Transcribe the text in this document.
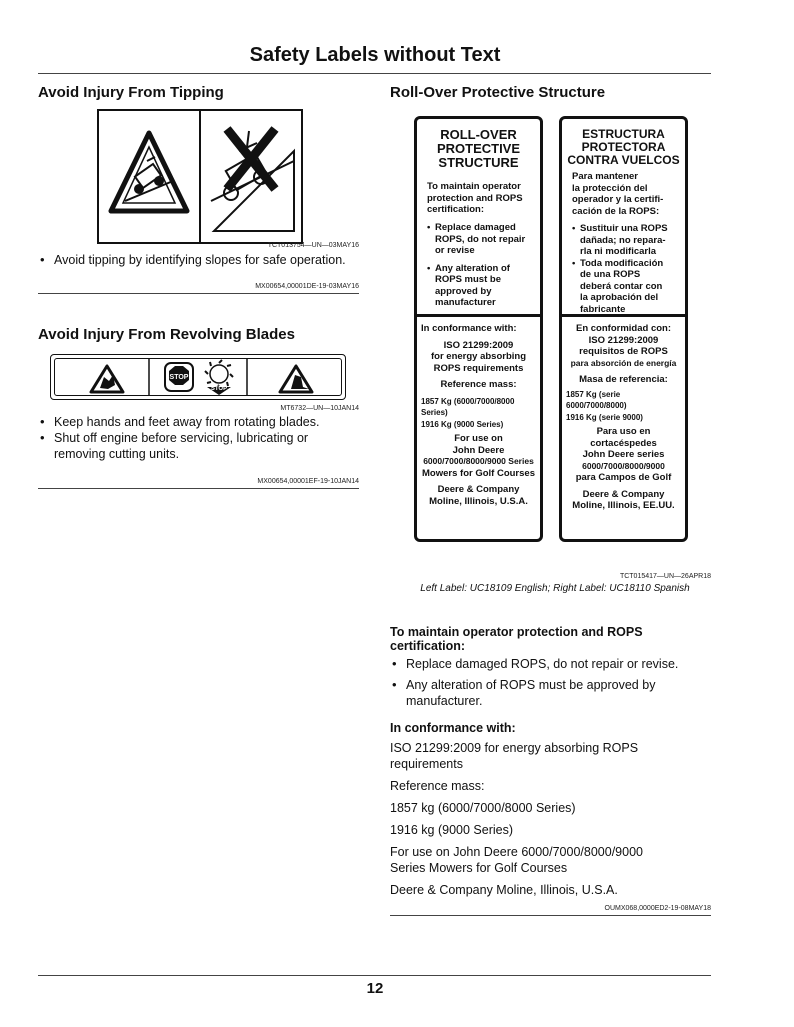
Safety Labels without Text
Avoid Injury From Tipping
TCT013754—UN—03MAY16
• Avoid tipping by identifying slopes for safe operation.
MX00654,00001DE-19-03MAY16
Avoid Injury From Revolving Blades
STOP
STOP
MT6732—UN—10JAN14
• Keep hands and feet away from rotating blades.
• Shut off engine before servicing, lubricating or removing cutting units.
MX00654,00001EF-19-10JAN14
Roll-Over Protective Structure
ROLL-OVER
PROTECTIVE
STRUCTURE
To maintain operator
protection and ROPS
certification:
• Replace damaged
ROPS, do not repair
or revise
• Any alteration of
ROPS must be
approved by
manufacturer
In conformance with:
ISO 21299:2009
for energy absorbing
ROPS requirements
Reference mass:
1857 Kg (6000/7000/8000 Series)
1916 Kg (9000 Series)
For use on
John Deere
6000/7000/8000/9000 Series
Mowers for Golf Courses
Deere & Company
Moline, Illinois, U.S.A.
ESTRUCTURA
PROTECTORA
CONTRA VUELCOS
Para mantener
la protección del
operador y la certifi-
cación de la ROPS:
• Sustituir una ROPS
dañada; no repara-
rla ni modificarla
• Toda modificación
de una ROPS
deberá contar con
la aprobación del
fabricante
En conformidad con:
ISO 21299:2009
requisitos de ROPS
para absorción de energía
Masa de referencia:
1857 Kg (serie 6000/7000/8000)
1916 Kg (serie 9000)
Para uso en
cortacéspedes
John Deere series
6000/7000/8000/9000
para Campos de Golf
Deere & Company
Moline, Illinois, EE.UU.
TCT015417—UN—26APR18
Left Label: UC18109 English; Right Label: UC18110 Spanish
To maintain operator protection and ROPS certification:
• Replace damaged ROPS, do not repair or revise.
• Any alteration of ROPS must be approved by manufacturer.
In conformance with:

ISO 21299:2009 for energy absorbing ROPS requirements

Reference mass:

1857 kg (6000/7000/8000 Series)

1916 kg (9000 Series)

For use on John Deere 6000/7000/8000/9000 Series Mowers for Golf Courses

Deere & Company Moline, Illinois, U.S.A.

OUMX068,0000ED2-19-08MAY18
12
